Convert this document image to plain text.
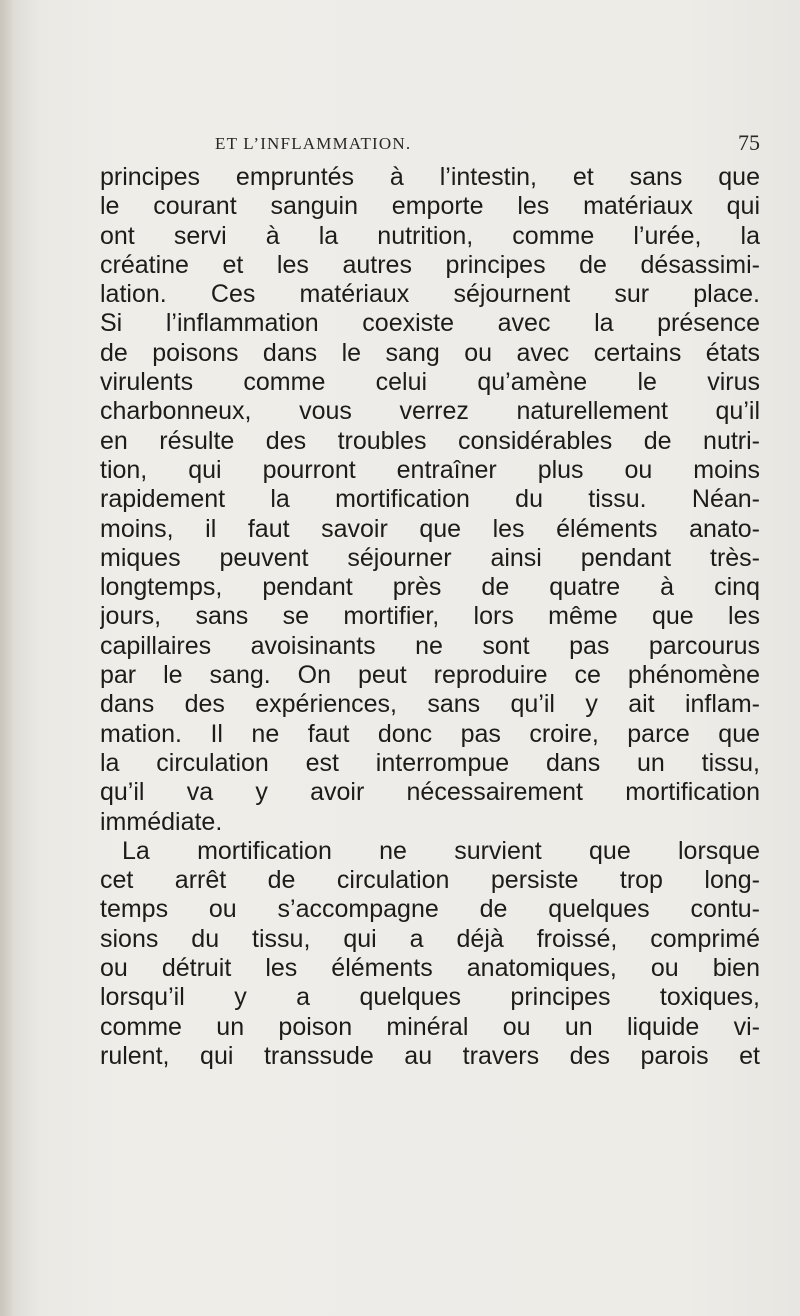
ET L’INFLAMMATION.	75
principes empruntés à l’intestin, et sans que
le courant sanguin emporte les matériaux qui
ont servi à la nutrition, comme l’urée, la
créatine et les autres principes de désassimi-
lation. Ces matériaux séjournent sur place.
Si l’inflammation coexiste avec la présence
de poisons dans le sang ou avec certains états
virulents comme celui qu’amène le virus
charbonneux, vous verrez naturellement qu’il
en résulte des troubles considérables de nutri-
tion, qui pourront entraîner plus ou moins
rapidement la mortification du tissu. Néan-
moins, il faut savoir que les éléments anato-
miques peuvent séjourner ainsi pendant très-
longtemps, pendant près de quatre à cinq
jours, sans se mortifier, lors même que les
capillaires avoisinants ne sont pas parcourus
par le sang. On peut reproduire ce phénomène
dans des expériences, sans qu’il y ait inflam-
mation. Il ne faut donc pas croire, parce que
la circulation est interrompue dans un tissu,
qu’il va y avoir nécessairement mortification
immédiate.
La mortification ne survient que lorsque
cet arrêt de circulation persiste trop long-
temps ou s’accompagne de quelques contu-
sions du tissu, qui a déjà froissé, comprimé
ou détruit les éléments anatomiques, ou bien
lorsqu’il y a quelques principes toxiques,
comme un poison minéral ou un liquide vi-
rulent, qui transsude au travers des parois et
